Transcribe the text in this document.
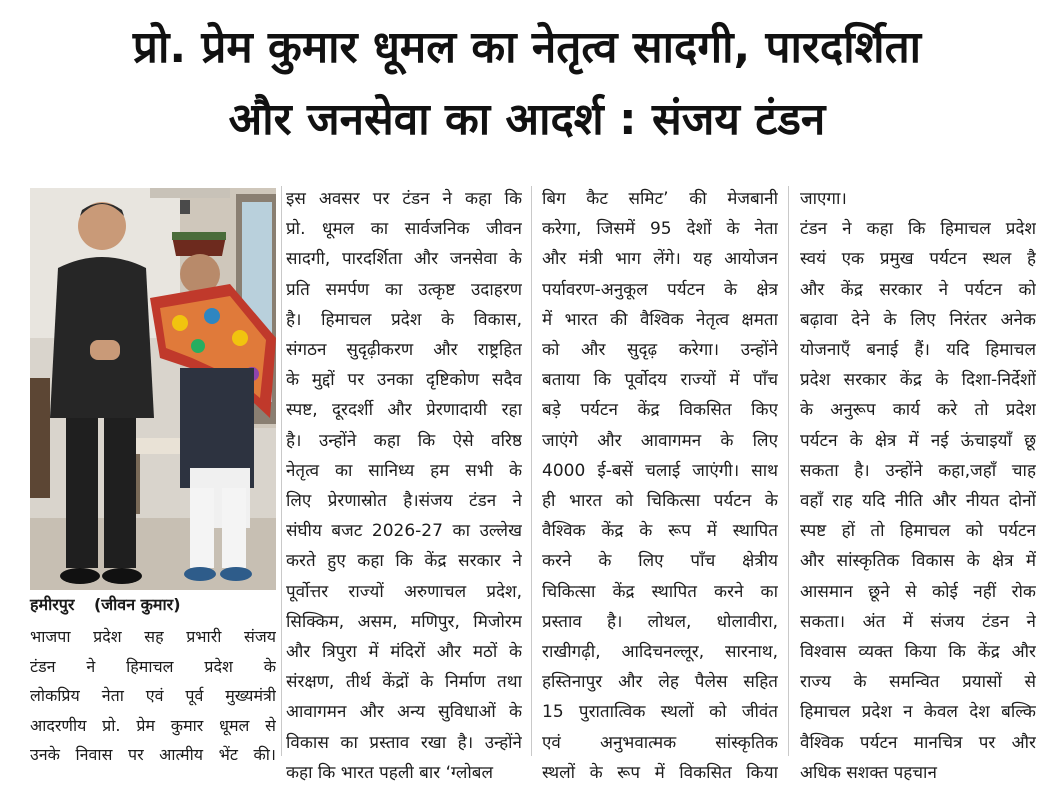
प्रो. प्रेम कुमार धूमल का नेतृत्व सादगी, पारदर्शिता
और जनसेवा का आदर्श : संजय टंडन
हमीरपुर (जीवन कुमार)
भाजपा प्रदेश सह प्रभारी संजय
टंडन ने हिमाचल प्रदेश के
लोकप्रिय नेता एवं पूर्व मुख्यमंत्री
आदरणीय प्रो. प्रेम कुमार धूमल से
उनके निवास पर आत्मीय भेंट की।
इस अवसर पर टंडन ने कहा कि
प्रो. धूमल का सार्वजनिक जीवन
सादगी, पारदर्शिता और जनसेवा के
प्रति समर्पण का उत्कृष्ट उदाहरण
है। हिमाचल प्रदेश के विकास,
संगठन सुदृढ़ीकरण और राष्ट्रहित
के मुद्दों पर उनका दृष्टिकोण सदैव
स्पष्ट, दूरदर्शी और प्रेरणादायी रहा
है। उन्होंने कहा कि ऐसे वरिष्ठ
नेतृत्व का सानिध्य हम सभी के
लिए प्रेरणास्रोत है।संजय टंडन ने
संघीय बजट 2026-27 का उल्लेख
करते हुए कहा कि केंद्र सरकार ने
पूर्वोत्तर राज्यों अरुणाचल प्रदेश,
सिक्किम, असम, मणिपुर, मिजोरम
और त्रिपुरा में मंदिरों और मठों के
संरक्षण, तीर्थ केंद्रों के निर्माण तथा
आवागमन और अन्य सुविधाओं के
विकास का प्रस्ताव रखा है। उन्होंने
कहा कि भारत पहली बार ‘ग्लोबल
बिग कैट समिट’ की मेजबानी
करेगा, जिसमें 95 देशों के नेता
और मंत्री भाग लेंगे। यह आयोजन
पर्यावरण-अनुकूल पर्यटन के क्षेत्र
में भारत की वैश्विक नेतृत्व क्षमता
को और सुदृढ़ करेगा। उन्होंने
बताया कि पूर्वोदय राज्यों में पाँच
बड़े पर्यटन केंद्र विकसित किए
जाएंगे और आवागमन के लिए
4000 ई-बसें चलाई जाएंगी। साथ
ही भारत को चिकित्सा पर्यटन के
वैश्विक केंद्र के रूप में स्थापित
करने के लिए पाँच क्षेत्रीय
चिकित्सा केंद्र स्थापित करने का
प्रस्ताव है। लोथल, धोलावीरा,
राखीगढ़ी, आदिचनल्लूर, सारनाथ,
हस्तिनापुर और लेह पैलेस सहित
15 पुरातात्विक स्थलों को जीवंत
एवं अनुभवात्मक सांस्कृतिक
स्थलों के रूप में विकसित किया
जाएगा।
टंडन ने कहा कि हिमाचल प्रदेश
स्वयं एक प्रमुख पर्यटन स्थल है
और केंद्र सरकार ने पर्यटन को
बढ़ावा देने के लिए निरंतर अनेक
योजनाएँ बनाई हैं। यदि हिमाचल
प्रदेश सरकार केंद्र के दिशा-निर्देशों
के अनुरूप कार्य करे तो प्रदेश
पर्यटन के क्षेत्र में नई ऊंचाइयाँ छू
सकता है। उन्होंने कहा,जहाँ चाह
वहाँ राह यदि नीति और नीयत दोनों
स्पष्ट हों तो हिमाचल को पर्यटन
और सांस्कृतिक विकास के क्षेत्र में
आसमान छूने से कोई नहीं रोक
सकता। अंत में संजय टंडन ने
विश्वास व्यक्त किया कि केंद्र और
राज्य के समन्वित प्रयासों से
हिमाचल प्रदेश न केवल देश बल्कि
वैश्विक पर्यटन मानचित्र पर और
अधिक सशक्त पहचान
